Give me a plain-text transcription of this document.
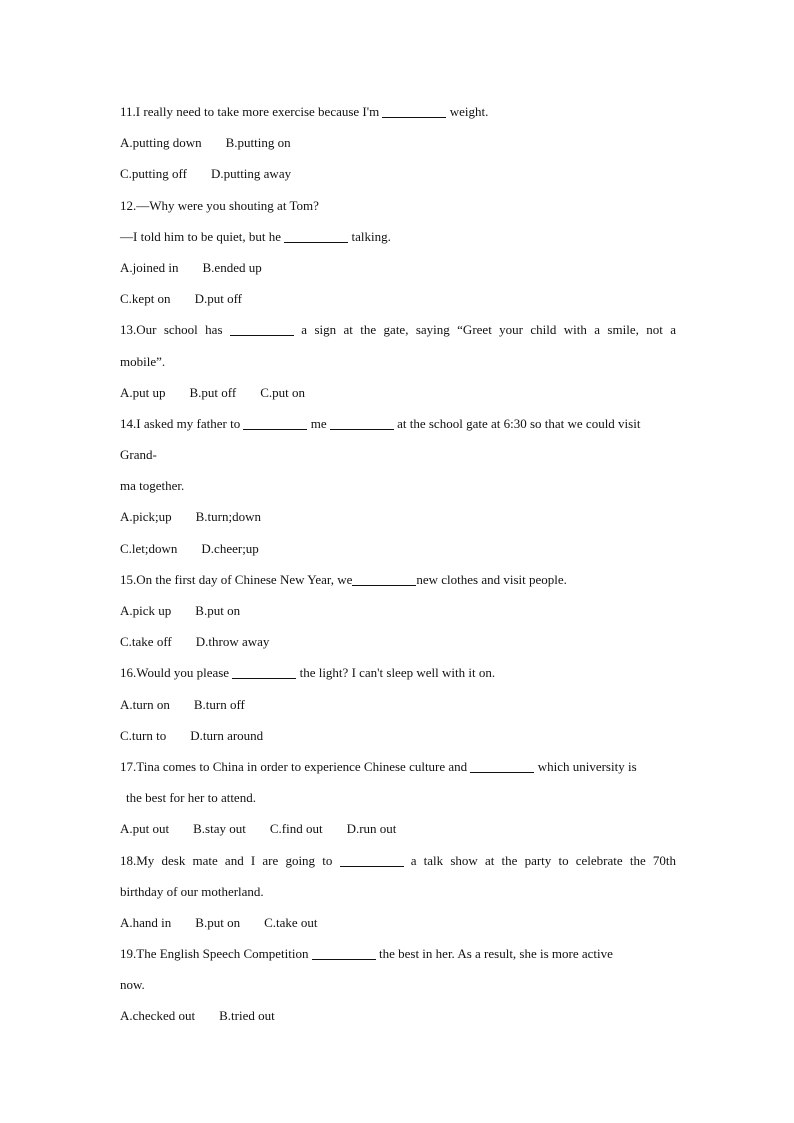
11.I really need to take more exercise because I'm	weight.
A.putting down B.putting on
C.putting off D.putting away
12.—Why were you shouting at Tom?
—I told him to be quiet, but he	talking.
A.joined in B.ended up
C.kept on D.put off
13.Our school has	a sign at the gate, saying “Greet your child with a smile, not a
mobile”.
A.put up B.put off C.put on
14.I asked my father to	me	at the school gate at 6:30 so that we could visit
Grand-
ma together.
A.pick;up B.turn;down
C.let;down D.cheer;up
15.On the first day of Chinese New Year, we	new clothes and visit people.
A.pick up B.put on
C.take off D.throw away
16.Would you please	the light? I can't sleep well with it on.
A.turn on B.turn off
C.turn to D.turn around
17.Tina comes to China in order to experience Chinese culture and	which university is
the best for her to attend.
A.put out B.stay out C.find out D.run out
18.My desk mate and I are going to	a talk show at the party to celebrate the 70th
birthday of our motherland.
A.hand in B.put on C.take out
19.The English Speech Competition	the best in her. As a result, she is more active
now.
A.checked out B.tried out
